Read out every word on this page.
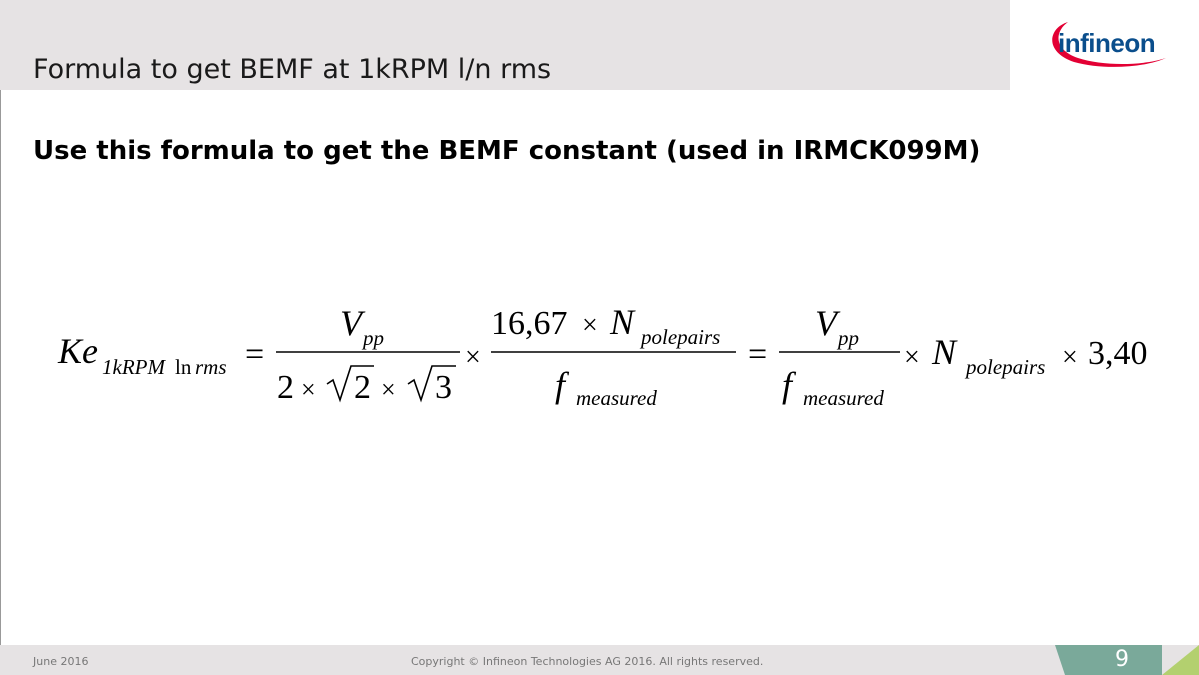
Formula to get BEMF at 1kRPM l/n rms
infineon
Use this formula to get the BEMF constant (used in IRMCK099M)
Ke 1kRPM ln rms =
V pp
2 × 2 × 3
×
16,67 × N polepairs
f measured
=
V pp
f measured
× N polepairs × 3,40
June 2016	Copyright © Infineon Technologies AG 2016. All rights reserved.	9
